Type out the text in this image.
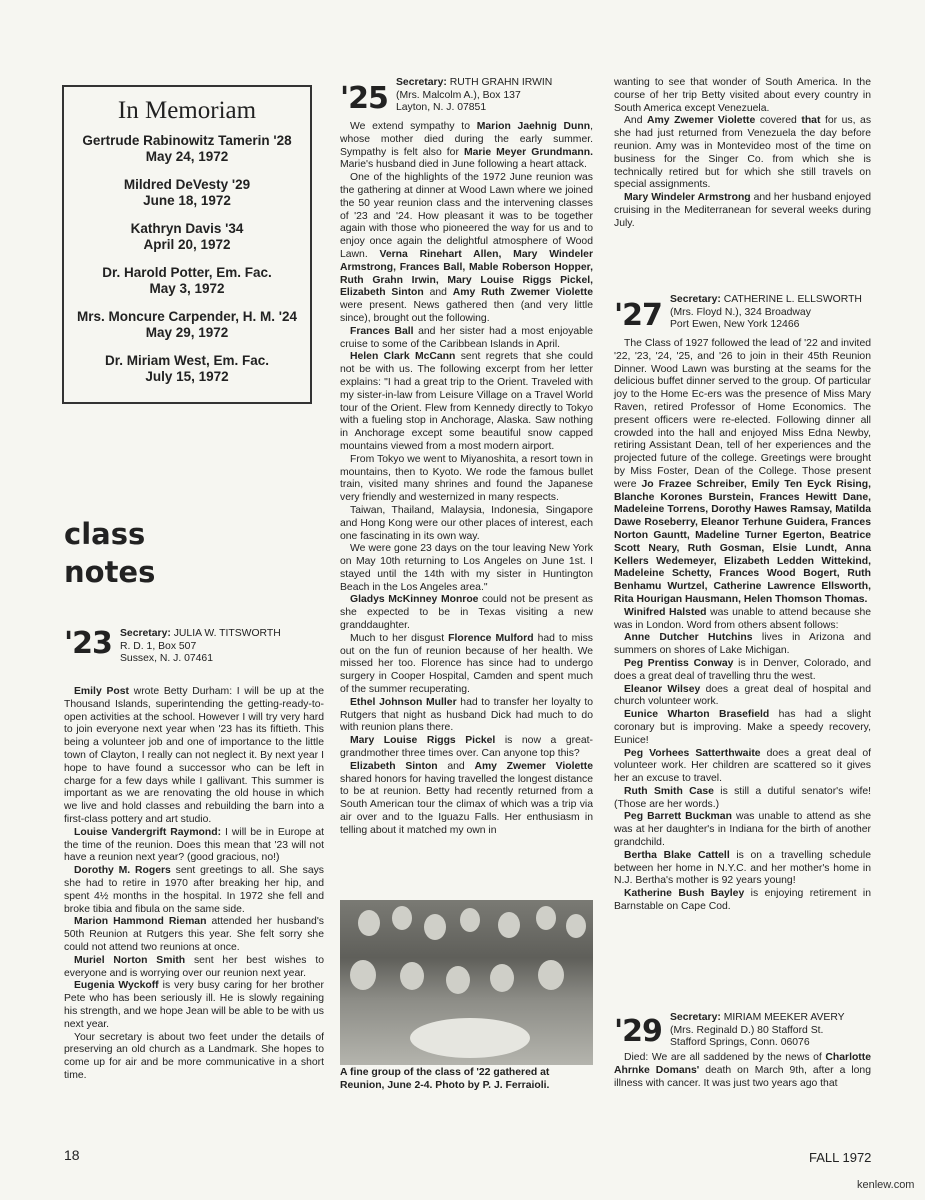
In Memoriam
Gertrude Rabinowitz Tamerin '28
May 24, 1972
Mildred DeVesty '29
June 18, 1972
Kathryn Davis '34
April 20, 1972
Dr. Harold Potter, Em. Fac.
May 3, 1972
Mrs. Moncure Carpender, H. M. '24
May 29, 1972
Dr. Miriam West, Em. Fac.
July 15, 1972
class
notes
'23 Secretary: JULIA W. TITSWORTH
R. D. 1, Box 507
Sussex, N. J. 07461

Emily Post wrote Betty Durham: I will be up at the Thousand Islands, superintending the getting-ready-to-open activities at the school. However I will try very hard to join everyone next year when '23 has its fiftieth. This being a volunteer job and one of importance to the little town of Clayton, I really can not neglect it. By next year I hope to have found a successor who can be left in charge for a few days while I gallivant. This summer is important as we are renovating the old house in which we live and hold classes and rebuilding the barn into a first-class pottery and art studio.

Louise Vandergrift Raymond: I will be in Europe at the time of the reunion. Does this mean that '23 will not have a reunion next year? (good gracious, no!)

Dorothy M. Rogers sent greetings to all. She says she had to retire in 1970 after breaking her hip, and spent 4½ months in the hospital. In 1972 she fell and broke tibia and fibula on the same side.

Marion Hammond Rieman attended her husband's 50th Reunion at Rutgers this year. She felt sorry she could not attend two reunions at once.

Muriel Norton Smith sent her best wishes to everyone and is worrying over our reunion next year.

Eugenia Wyckoff is very busy caring for her brother Pete who has been seriously ill. He is slowly regaining his strength, and we hope Jean will be able to be with us next year.

Your secretary is about two feet under the details of preserving an old church as a Landmark. She hopes to come up for air and be more communicative in a short time.

'25 Secretary: RUTH GRAHN IRWIN
(Mrs. Malcolm A.), Box 137
Layton, N. J. 07851

We extend sympathy to Marion Jaehnig Dunn, whose mother died during the early summer. Sympathy is felt also for Marie Meyer Grundmann. Marie's husband died in June following a heart attack.

One of the highlights of the 1972 June reunion was the gathering at dinner at Wood Lawn where we joined the 50 year reunion class and the intervening classes of '23 and '24. How pleasant it was to be together again with those who pioneered the way for us and to enjoy once again the delightful atmosphere of Wood Lawn. Verna Rinehart Allen, Mary Windeler Armstrong, Frances Ball, Mable Roberson Hopper, Ruth Grahn Irwin, Mary Louise Riggs Pickel, Elizabeth Sinton and Amy Ruth Zwemer Violette were present. News gathered then (and very little since), brought out the following.

Frances Ball and her sister had a most enjoyable cruise to some of the Caribbean Islands in April.

Helen Clark McCann sent regrets that she could not be with us. The following excerpt from her letter explains: "I had a great trip to the Orient. Traveled with my sister-in-law from Leisure Village on a Travel World tour of the Orient. Flew from Kennedy directly to Tokyo with a fueling stop in Anchorage, Alaska. Saw nothing in Anchorage except some beautiful snow capped mountains viewed from a most modern airport.

From Tokyo we went to Miyanoshita, a resort town in mountains, then to Kyoto. We rode the famous bullet train, visited many shrines and found the Japanese very friendly and westernized in many respects.

Taiwan, Thailand, Malaysia, Indonesia, Singapore and Hong Kong were our other places of interest, each one fascinating in its own way.

We were gone 23 days on the tour leaving New York on May 10th returning to Los Angeles on June 1st. I stayed until the 14th with my sister in Huntington Beach in the Los Angeles area."

Gladys McKinney Monroe could not be present as she expected to be in Texas visiting a new granddaughter.

Much to her disgust Florence Mulford had to miss out on the fun of reunion because of her health. We missed her too. Florence has since had to undergo surgery in Cooper Hospital, Camden and spent much of the summer recuperating.

Ethel Johnson Muller had to transfer her loyalty to Rutgers that night as husband Dick had much to do with reunion plans there.

Mary Louise Riggs Pickel is now a great-grandmother three times over. Can anyone top this?

Elizabeth Sinton and Amy Zwemer Violette shared honors for having travelled the longest distance to be at reunion. Betty had recently returned from a South American tour the climax of which was a trip via air over and to the Iguazu Falls. Her enthusiasm in telling about it matched my own in

A fine group of the class of '22 gathered at Reunion, June 2-4. Photo by P. J. Ferraioli.

wanting to see that wonder of South America. In the course of her trip Betty visited about every country in South America except Venezuela.

And Amy Zwemer Violette covered that for us, as she had just returned from Venezuela the day before reunion. Amy was in Montevideo most of the time on business for the Singer Co. from which she is technically retired but for which she still travels on special assignments.

Mary Windeler Armstrong and her husband enjoyed cruising in the Mediterranean for several weeks during July.

'27 Secretary: CATHERINE L. ELLSWORTH
(Mrs. Floyd N.), 324 Broadway
Port Ewen, New York 12466

The Class of 1927 followed the lead of '22 and invited '22, '23, '24, '25, and '26 to join in their 45th Reunion Dinner. Wood Lawn was bursting at the seams for the delicious buffet dinner served to the group. Of particular joy to the Home Ec-ers was the presence of Miss Mary Raven, retired Professor of Home Economics. The present officers were re-elected. Following dinner all crowded into the hall and enjoyed Miss Edna Newby, retiring Assistant Dean, tell of her experiences and the projected future of the college. Greetings were brought by Miss Foster, Dean of the College. Those present were Jo Frazee Schreiber, Emily Ten Eyck Rising, Blanche Korones Burstein, Frances Hewitt Dane, Madeleine Torrens, Dorothy Hawes Ramsay, Matilda Dawe Roseberry, Eleanor Terhune Guidera, Frances Norton Gauntt, Madeline Turner Egerton, Beatrice Scott Neary, Ruth Gosman, Elsie Lundt, Anna Kellers Wedemeyer, Elizabeth Ledden Wittekind, Madeleine Schetty, Frances Wood Bogert, Ruth Benhamu Wurtzel, Catherine Lawrence Ellsworth, Rita Hourigan Hausmann, Helen Thomson Thomas.

Winifred Halsted was unable to attend because she was in London. Word from others absent follows:

Anne Dutcher Hutchins lives in Arizona and summers on shores of Lake Michigan.

Peg Prentiss Conway is in Denver, Colorado, and does a great deal of travelling thru the west.

Eleanor Wilsey does a great deal of hospital and church volunteer work.

Eunice Wharton Brasefield has had a slight coronary but is improving. Make a speedy recovery, Eunice!

Peg Vorhees Satterthwaite does a great deal of volunteer work. Her children are scattered so it gives her an excuse to travel.

Ruth Smith Case is still a dutiful senator's wife! (Those are her words.)

Peg Barrett Buckman was unable to attend as she was at her daughter's in Indiana for the birth of another grandchild.

Bertha Blake Cattell is on a travelling schedule between her home in N.Y.C. and her mother's home in N.J. Bertha's mother is 92 years young!

Katherine Bush Bayley is enjoying retirement in Barnstable on Cape Cod.

'29 Secretary: MIRIAM MEEKER AVERY
(Mrs. Reginald D.) 80 Stafford St.
Stafford Springs, Conn. 06076

Died: We are all saddened by the news of Charlotte Ahrnke Domans' death on March 9th, after a long illness with cancer. It was just two years ago that

18	FALL 1972
kenlew.com
